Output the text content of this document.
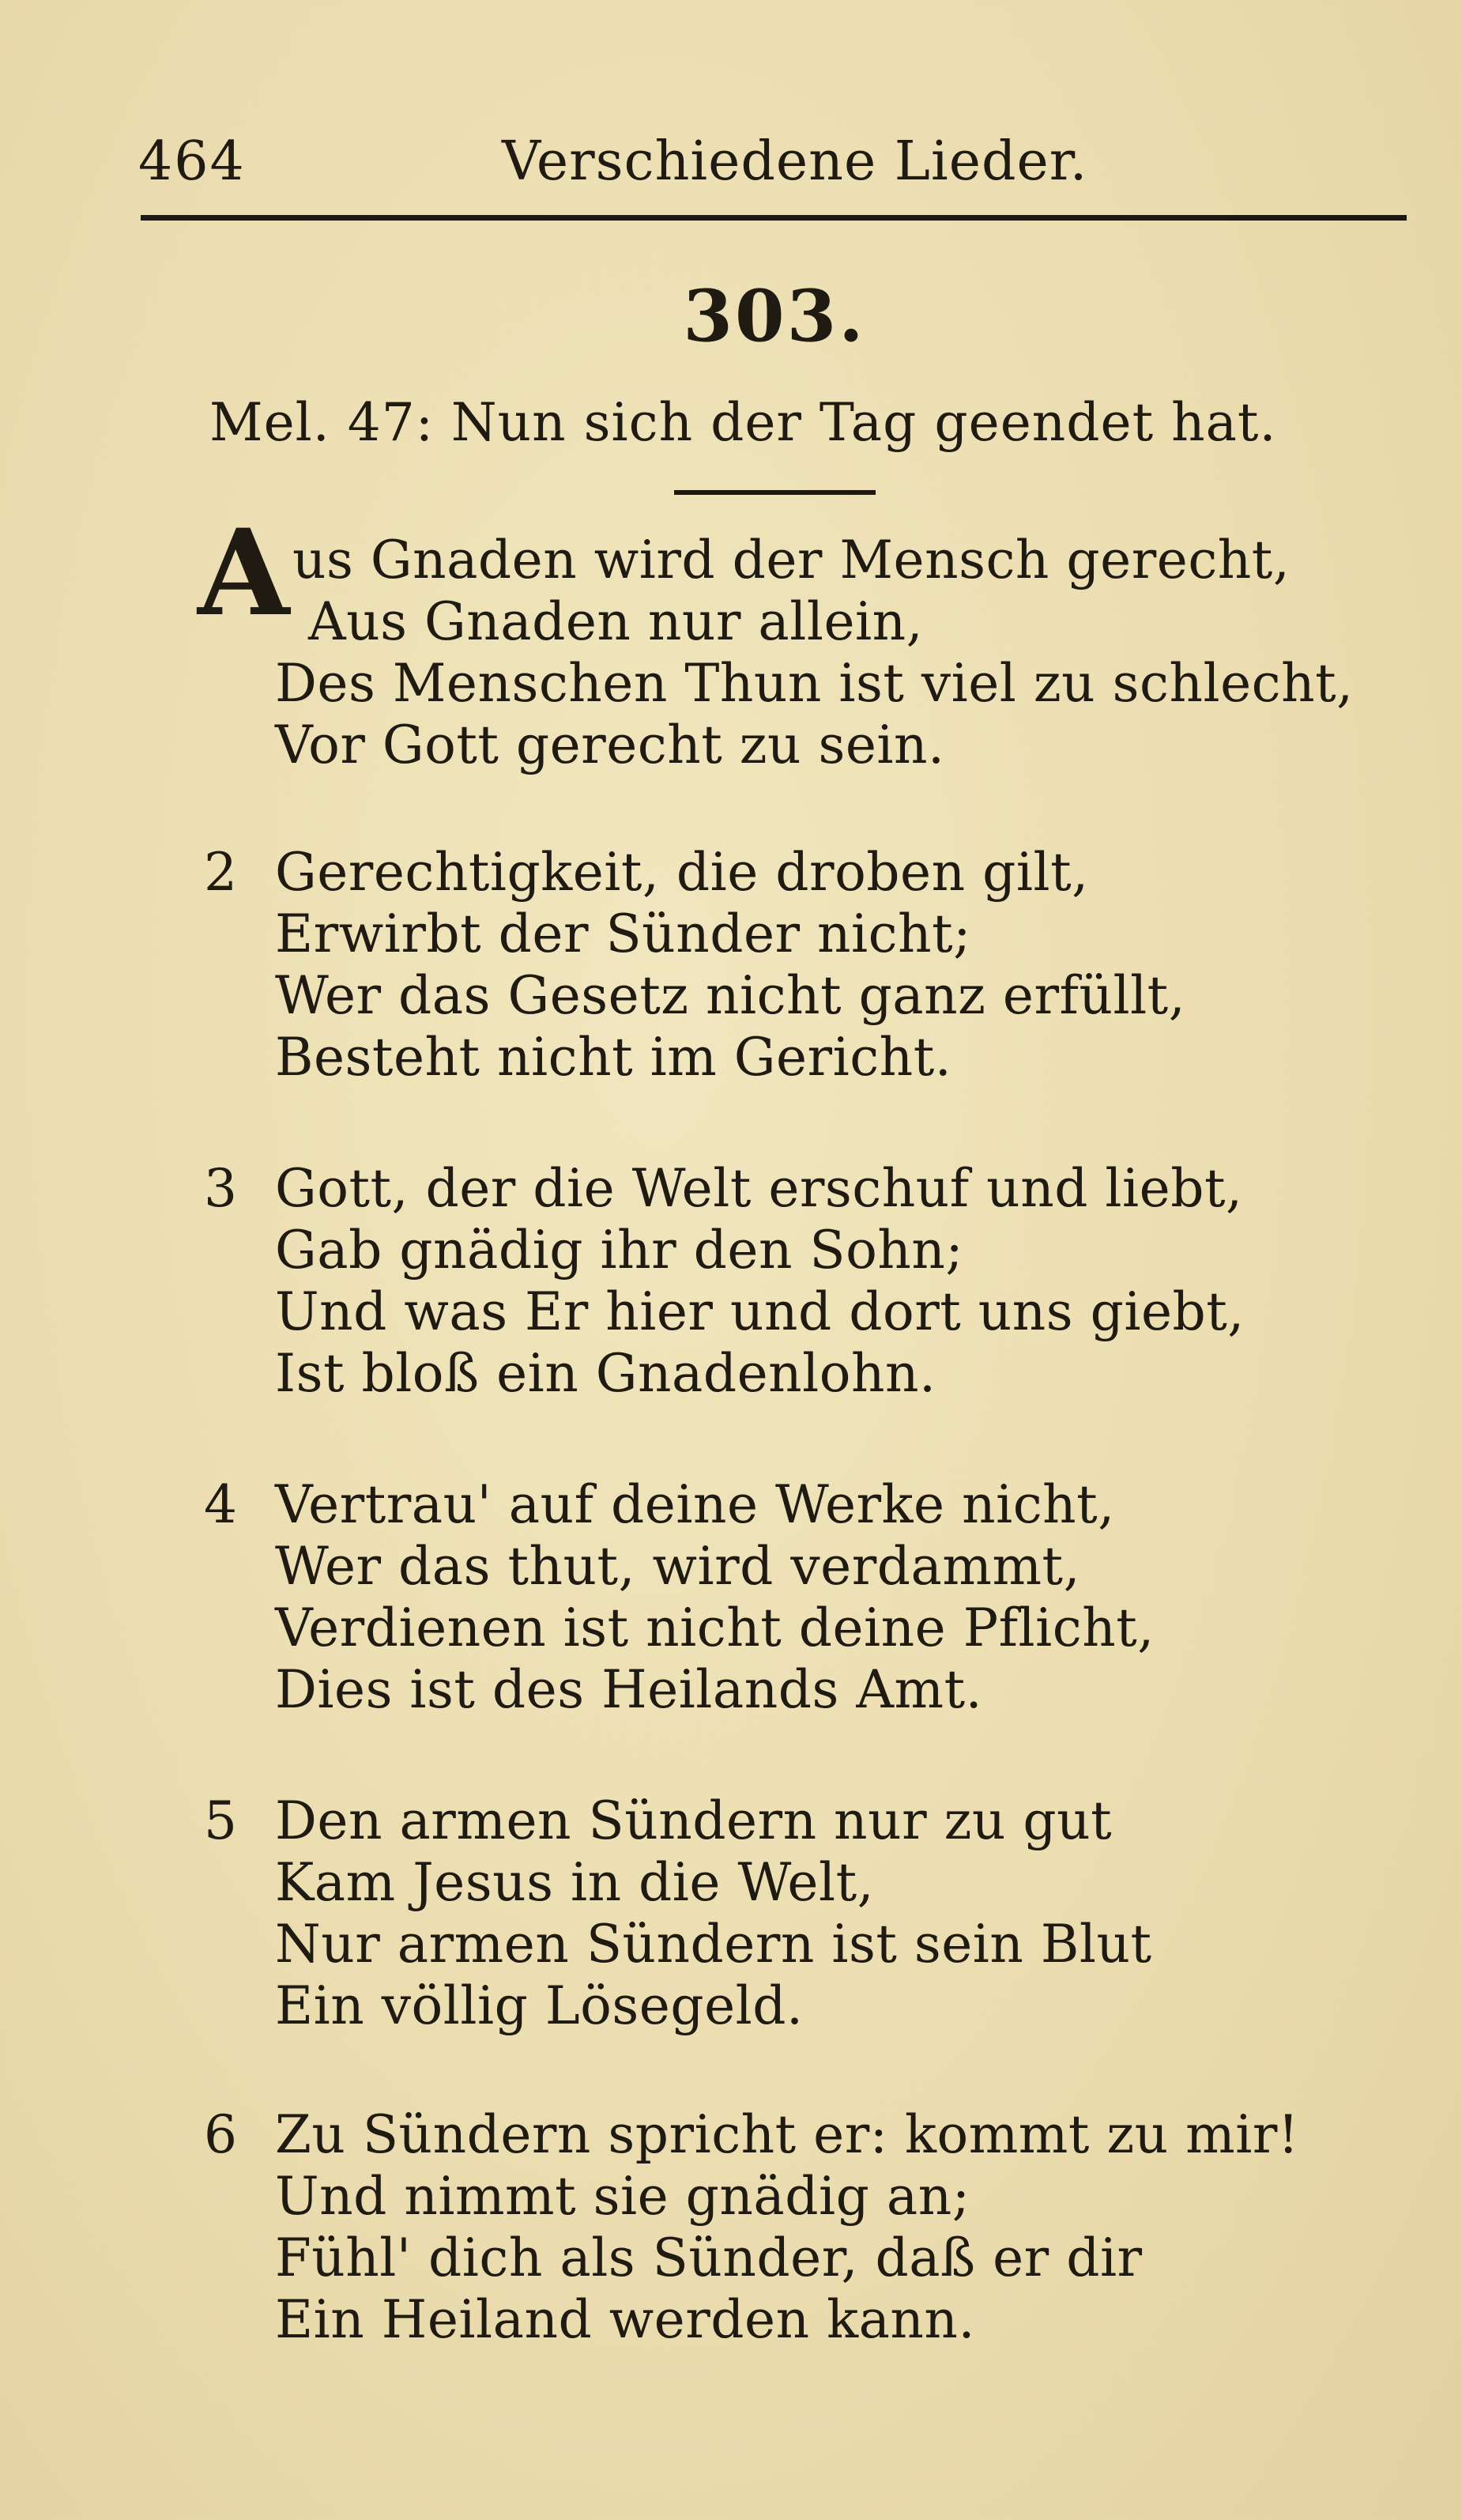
464	Verschiedene Lieder.
303.
Mel. 47: Nun sich der Tag geendet hat.
A us Gnaden wird der Mensch gerecht,
Aus Gnaden nur allein,
Des Menschen Thun ist viel zu schlecht,
Vor Gott gerecht zu sein.
2 Gerechtigkeit, die droben gilt,
Erwirbt der Sünder nicht;
Wer das Gesetz nicht ganz erfüllt,
Besteht nicht im Gericht.
3 Gott, der die Welt erschuf und liebt,
Gab gnädig ihr den Sohn;
Und was Er hier und dort uns giebt,
Ist bloß ein Gnadenlohn.
4 Vertrau' auf deine Werke nicht,
Wer das thut, wird verdammt,
Verdienen ist nicht deine Pflicht,
Dies ist des Heilands Amt.
5 Den armen Sündern nur zu gut
Kam Jesus in die Welt,
Nur armen Sündern ist sein Blut
Ein völlig Lösegeld.
6 Zu Sündern spricht er: kommt zu mir!
Und nimmt sie gnädig an;
Fühl' dich als Sünder, daß er dir
Ein Heiland werden kann.
